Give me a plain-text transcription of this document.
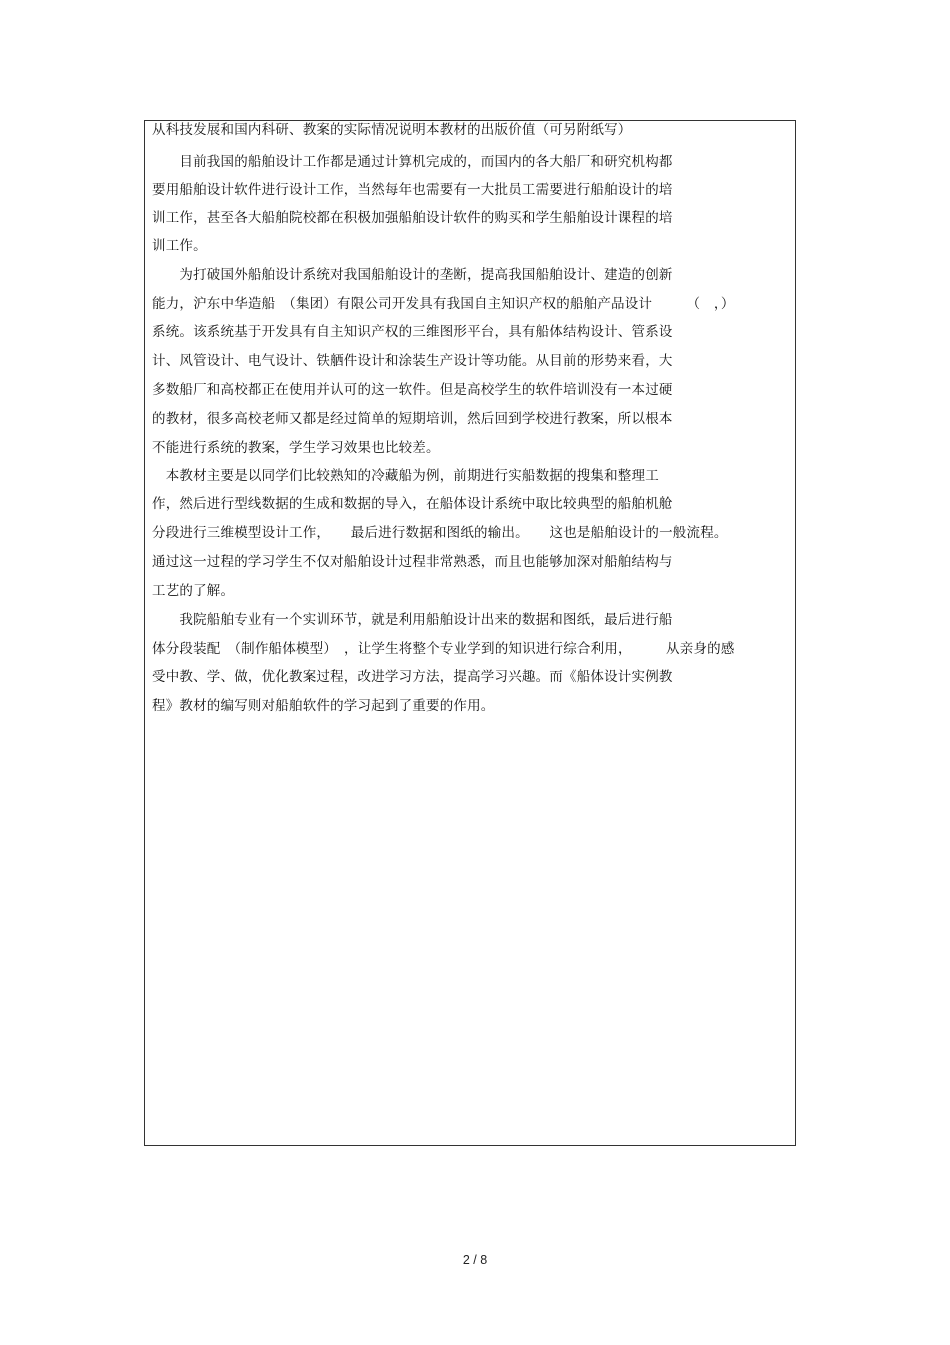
从科技发展和国内科研、教案的实际情况说明本教材的出版价值（可另附纸写）
　　目前我国的船舶设计工作都是通过计算机完成的，而国内的各大船厂和研究机构都
要用船舶设计软件进行设计工作，当然每年也需要有一大批员工需要进行船舶设计的培
训工作，甚至各大船舶院校都在积极加强船舶设计软件的购买和学生船舶设计课程的培
训工作。
　　为打破国外船舶设计系统对我国船舶设计的垄断，提高我国船舶设计、建造的创新
能力，沪东中华造船　（集团）有限公司开发具有我国自主知识产权的船舶产品设计　　　（　，）
系统。该系统基于开发具有自主知识产权的三维图形平台，具有船体结构设计、管系设
计、风管设计、电气设计、铁舾件设计和涂装生产设计等功能。从目前的形势来看，大
多数船厂和高校都正在使用并认可的这一软件。但是高校学生的软件培训没有一本过硬
的教材，很多高校老师又都是经过简单的短期培训，然后回到学校进行教案，所以根本
不能进行系统的教案，学生学习效果也比较差。
　本教材主要是以同学们比较熟知的冷藏船为例，前期进行实船数据的搜集和整理工
作，然后进行型线数据的生成和数据的导入，在船体设计系统中取比较典型的船舶机舱
分段进行三维模型设计工作，　　最后进行数据和图纸的输出。　　这也是船舶设计的一般流程。
通过这一过程的学习学生不仅对船舶设计过程非常熟悉，而且也能够加深对船舶结构与
工艺的了解。
　　我院船舶专业有一个实训环节，就是利用船舶设计出来的数据和图纸，最后进行船
体分段装配　（制作船体模型）　，让学生将整个专业学到的知识进行综合利用，　　　从亲身的感
受中教、学、做，优化教案过程，改进学习方法，提高学习兴趣。而《船体设计实例教
程》教材的编写则对船舶软件的学习起到了重要的作用。
2 / 8
